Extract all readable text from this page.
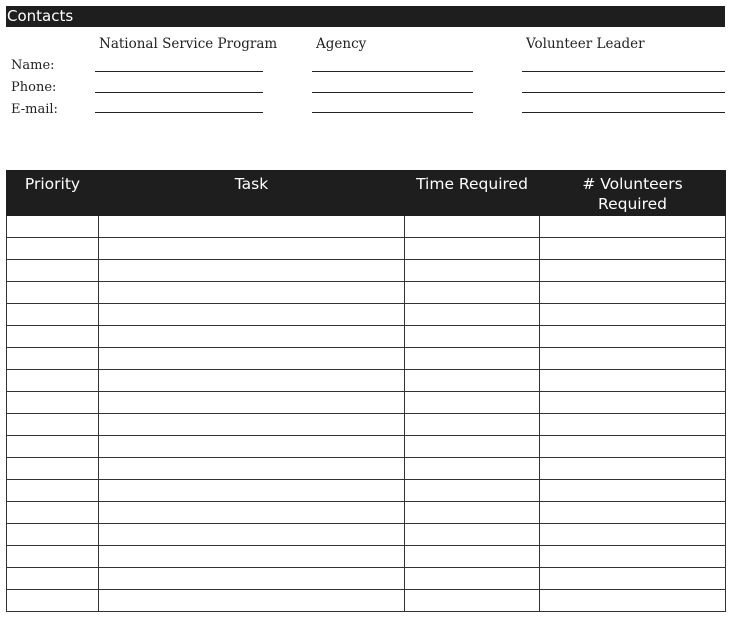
Contacts
National Service Program	Agency	Volunteer Leader
Name:
Phone:
E-mail:
Priority	Task	Time Required	# Volunteers Required
